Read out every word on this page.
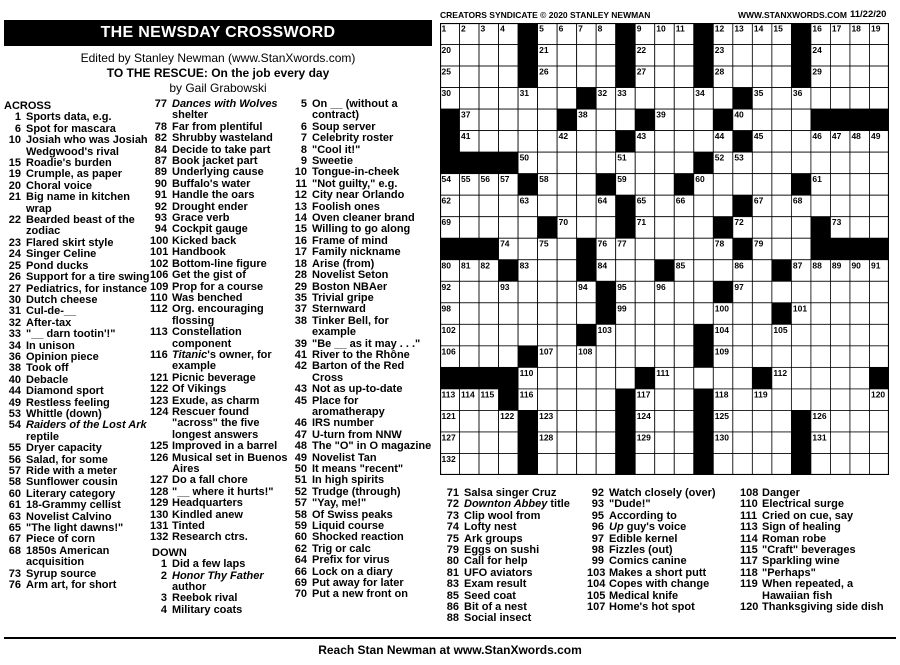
CREATORS SYNDICATE © 2020 STANLEY NEWMAN	WWW.STANXWORDS.COM 11/22/20
THE NEWSDAY CROSSWORD
Edited by Stanley Newman (www.StanXwords.com)
TO THE RESCUE: On the job every day
by Gail Grabowski
ACROSS
1 Sports data, e.g.
6 Spot for mascara
10 Josiah who was Josiah Wedgwood's rival
15 Roadie's burden
19 Crumple, as paper
20 Choral voice
21 Big name in kitchen wrap
22 Bearded beast of the zodiac
23 Flared skirt style
24 Singer Celine
25 Pond ducks
26 Support for a tire swing
27 Pediatrics, for instance
30 Dutch cheese
31 Cul-de-__
32 After-tax
33 "__ darn tootin'!"
34 In unison
36 Opinion piece
38 Took off
40 Debacle
44 Diamond sport
49 Restless feeling
53 Whittle (down)
54 Raiders of the Lost Ark reptile
55 Dryer capacity
56 Salad, for some
57 Ride with a meter
58 Sunflower cousin
60 Literary category
61 18-Grammy cellist
63 Novelist Calvino
65 "The light dawns!"
67 Piece of corn
68 1850s American acquisition
73 Syrup source
76 Arm art, for short
77 Dances with Wolves shelter
78 Far from plentiful
82 Shrubby wasteland
84 Decide to take part
87 Book jacket part
89 Underlying cause
90 Buffalo's water
91 Handle the oars
92 Drought ender
93 Grace verb
94 Cockpit gauge
100 Kicked back
101 Handbook
102 Bottom-line figure
106 Get the gist of
109 Prop for a course
110 Was benched
112 Org. encouraging flossing
113 Constellation component
116 Titanic's owner, for example
121 Picnic beverage
122 Of Vikings
123 Exude, as charm
124 Rescuer found "across" the five longest answers
125 Improved in a barrel
126 Musical set in Buenos Aires
127 Do a fall chore
128 "__ where it hurts!"
129 Headquarters
130 Kindled anew
131 Tinted
132 Research ctrs.
DOWN
1 Did a few laps
2 Honor Thy Father author
3 Reebok rival
4 Military coats
5 On __ (without a contract)
6 Soup server
7 Celebrity roster
8 "Cool it!"
9 Sweetie
10 Tongue-in-cheek
11 "Not guilty," e.g.
12 City near Orlando
13 Foolish ones
14 Oven cleaner brand
15 Willing to go along
16 Frame of mind
17 Family nickname
18 Arise (from)
28 Novelist Seton
29 Boston NBAer
35 Trivial gripe
37 Sternward
38 Tinker Bell, for example
39 "Be __ as it may . . ."
41 River to the Rhône
42 Barton of the Red Cross
43 Not as up-to-date
45 Place for aromatherapy
46 IRS number
47 U-turn from NNW
48 The "O" in O magazine
49 Novelist Tan
50 It means "recent"
51 In high spirits
52 Trudge (through)
57 "Yay, me!"
58 Of Swiss peaks
59 Liquid course
60 Shocked reaction
62 Trig or calc
64 Prefix for virus
66 Lock on a diary
69 Put away for later
70 Put a new front on
1 2 3 4	5 6 7 8	9 10 11	12 13 14 15	16 17 18 19
20	21	22	23	24
25	26	27	28	29
30	31	32 33	34	35	36
37	38	39	40
41	42	43	44	45	46 47 48 49
50	51	52 53
54 55 56 57	58	59	60	61
62	63	64	65	66	67	68
69	70	71	72	73
74	75	76 77	78	79
80 81 82	83	84	85	86	87 88 89 90 91
92	93	94	95	96	97
98	99	100	101
102	103	104	105
106	107	108	109
110	111	112
113 114 115	116	117	118	119	120
121	122	123	124	125	126
127	128	129	130	131
132
71 Salsa singer Cruz
72 Downton Abbey title
73 Clip wool from
74 Lofty nest
75 Ark groups
79 Eggs on sushi
80 Call for help
81 UFO aviators
83 Exam result
85 Seed coat
86 Bit of a nest
88 Social insect
92 Watch closely (over)
93 "Dude!"
95 According to
96 Up guy's voice
97 Edible kernel
98 Fizzles (out)
99 Comics canine
103 Makes a short putt
104 Copes with change
105 Medical knife
107 Home's hot spot
108 Danger
110 Electrical surge
111 Cried on cue, say
113 Sign of healing
114 Roman robe
115 "Craft" beverages
117 Sparkling wine
118 "Perhaps"
119 When repeated, a Hawaiian fish
120 Thanksgiving side dish
Reach Stan Newman at www.StanXwords.com
